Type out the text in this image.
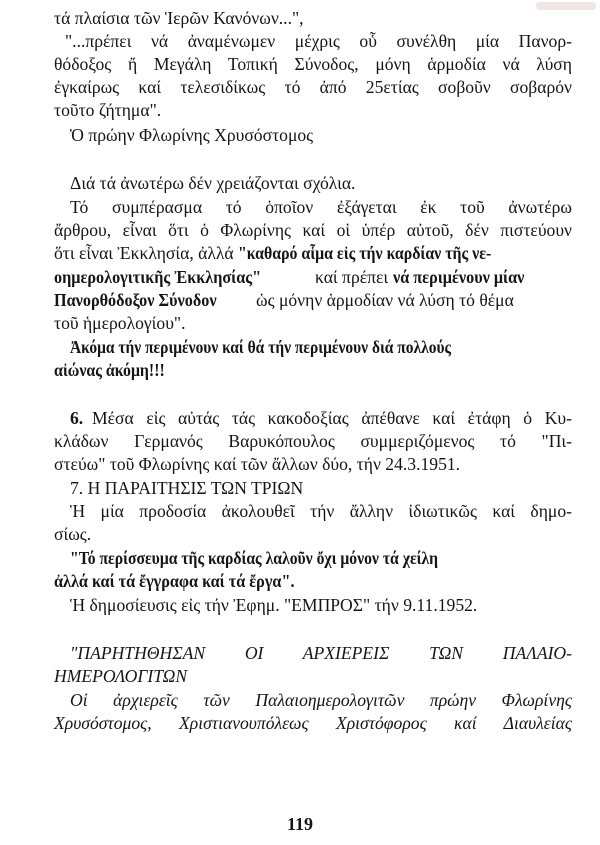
τά πλαίσια τῶν Ἱερῶν Κανόνων...",
"...πρέπει νά ἀναμένωμεν μέχρις οὗ συνέλθη μία Πανορ-
θόδοξος ἤ Μεγάλη Τοπική Σύνοδος, μόνη ἁρμοδία νά λύση
ἐγκαίρως καί τελεσιδίκως τό ἀπό 25ετίας σοβοῦν σοβαρόν
τοῦτο ζήτημα".
Ὁ πρώην Φλωρίνης Χρυσόστομος
Διά τά ἀνωτέρω δέν χρειάζονται σχόλια.
Τό συμπέρασμα τό ὁποῖον ἐξάγεται ἐκ τοῦ ἀνωτέρω
ἄρθρου, εἶναι ὅτι ὁ Φλωρίνης καί οἱ ὑπέρ αὐτοῦ, δέν πιστεύουν
ὅτι εἶναι Ἐκκλησία, ἀλλά "καθαρό αἷμα εἰς τήν καρδίαν τῆς νε-
οημερολογιτικῆς Ἐκκλησίας"	καί πρέπει νά περιμένουν μίαν
Πανορθόδοξον Σύνοδον	ὡς μόνην ἁρμοδίαν νά λύση τό θέμα
τοῦ ἡμερολογίου".
Ἀκόμα τήν περιμένουν καί θά τήν περιμένουν διά πολλούς
αἰώνας ἀκόμη!!!
6. Μέσα εἰς αὐτάς τάς κακοδοξίας ἀπέθανε καί ἐτάφη ὁ Κυ-
κλάδων Γερμανός Βαρυκόπουλος συμμεριζόμενος τό "Πι-
στεύω" τοῦ Φλωρίνης καί τῶν ἄλλων δύο, τήν 24.3.1951.
7. Η ΠΑΡΑΙΤΗΣΙΣ ΤΩΝ ΤΡΙΩΝ
Ἡ μία προδοσία ἀκολουθεῖ τήν ἄλλην ἰδιωτικῶς καί δημο-
σίως.
"Τό περίσσευμα τῆς καρδίας λαλοῦν ὄχι μόνον τά χείλη
ἀλλά καί τά ἔγγραφα καί τά ἔργα".
Ἡ δημοσίευσις εἰς τήν Ἐφημ. "ΕΜΠΡΟΣ" τήν 9.11.1952.
"ΠΑΡΗΤΗΘΗΣΑΝ ΟΙ ΑΡΧΙΕΡΕΙΣ ΤΩΝ ΠΑΛΑΙΟ-
ΗΜΕΡΟΛΟΓΙΤΩΝ
Οἱ ἀρχιερεῖς τῶν Παλαιοημερολογιτῶν πρώην Φλωρίνης
Χρυσόστομος, Χριστιανουπόλεως Χριστόφορος καί Διαυλείας
119
